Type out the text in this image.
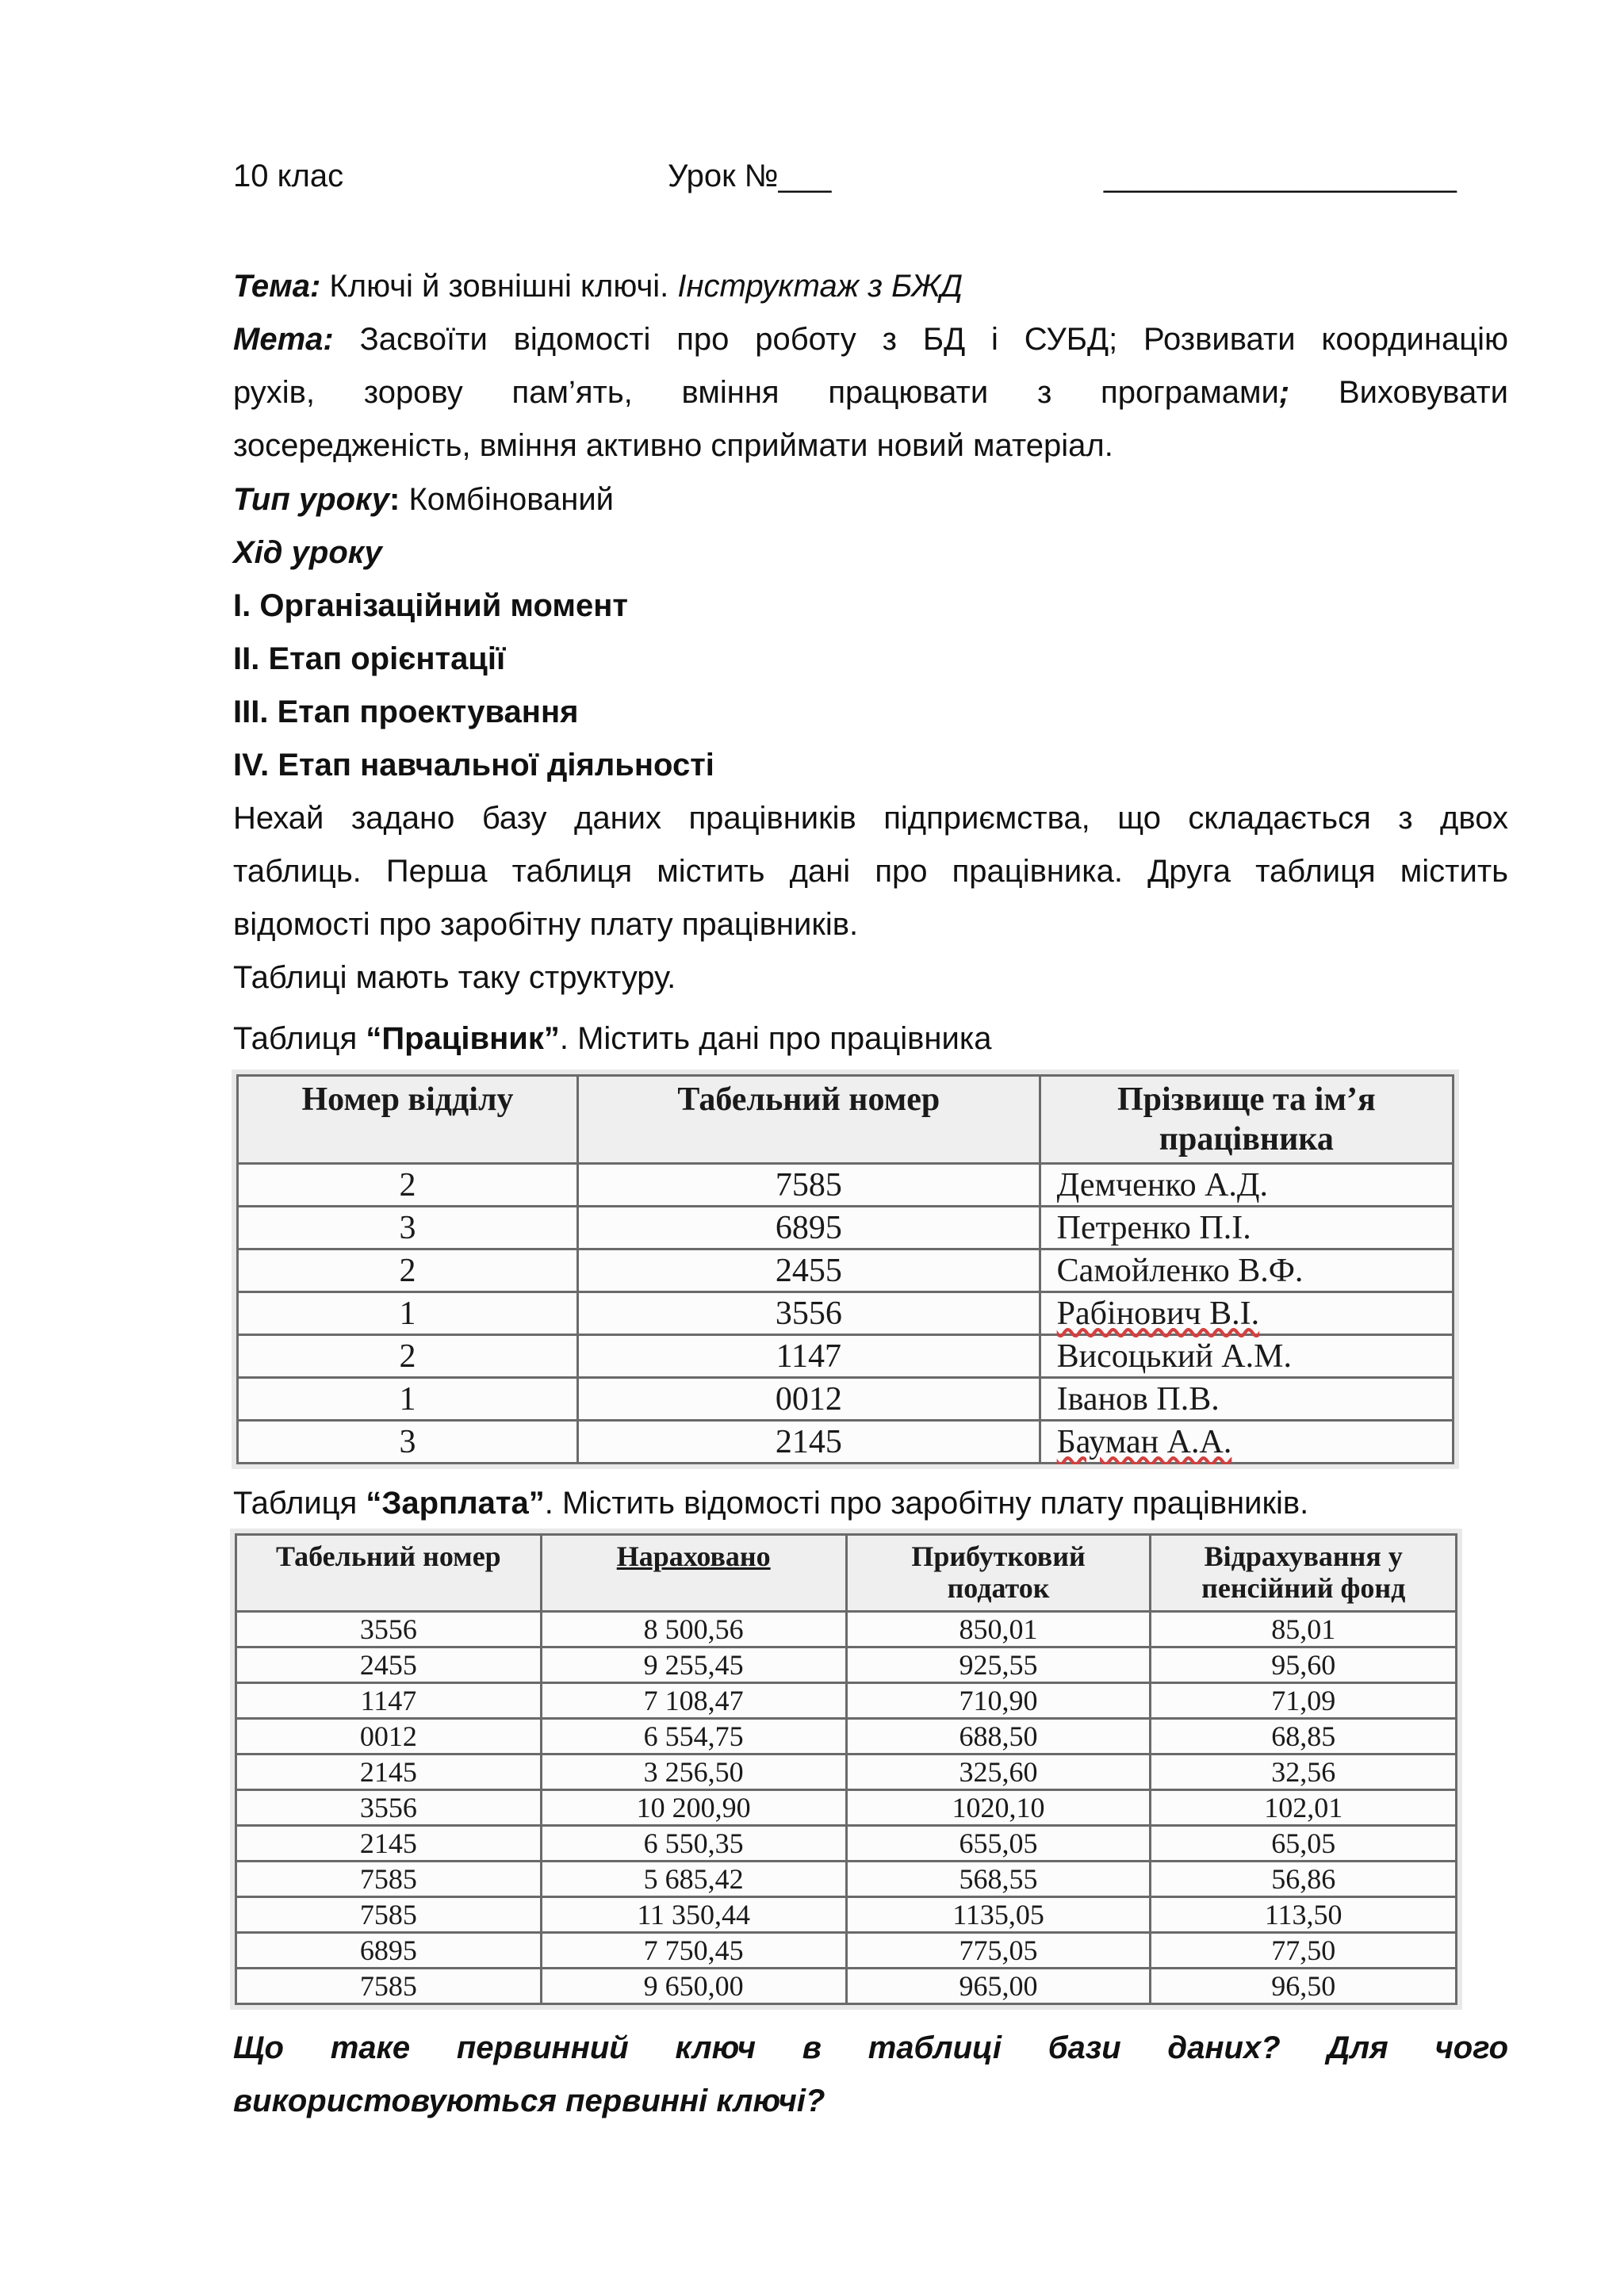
10 клас	Урок №___	____________________
Тема: Ключі й зовнішні ключі. Інструктаж з БЖД
Мета: Засвоїти відомості про роботу з БД і СУБД; Розвивати координацію
рухів, зорову пам’ять, вміння працювати з програмами; Виховувати
зосередженість, вміння активно сприймати новий матеріал.
Тип уроку: Комбінований
Хід уроку
І. Організаційний момент
ІІ. Етап орієнтації
ІІІ. Етап проектування
IV. Етап навчальної діяльності
Нехай задано базу даних працівників підприємства, що складається з двох
таблиць. Перша таблиця містить дані про працівника. Друга таблиця містить
відомості про заробітну плату працівників.
Таблиці мають таку структуру.
Таблиця “Працівник”. Містить дані про працівника
Номер відділу	Табельний номер	Прізвище та ім’я працівника
2	7585	Демченко А.Д.
3	6895	Петренко П.І.
2	2455	Самойленко В.Ф.
1	3556	Рабінович В.І.
2	1147	Висоцький А.М.
1	0012	Іванов П.В.
3	2145	Бауман А.А.
Таблиця “Зарплата”. Містить відомості про заробітну плату працівників.
Табельний номер	Нараховано	Прибутковий податок	Відрахування у пенсійний фонд
3556	8 500,56	850,01	85,01
2455	9 255,45	925,55	95,60
1147	7 108,47	710,90	71,09
0012	6 554,75	688,50	68,85
2145	3 256,50	325,60	32,56
3556	10 200,90	1020,10	102,01
2145	6 550,35	655,05	65,05
7585	5 685,42	568,55	56,86
7585	11 350,44	1135,05	113,50
6895	7 750,45	775,05	77,50
7585	9 650,00	965,00	96,50
Що таке первинний ключ в таблиці бази даних? Для чого
використовуються первинні ключі?
